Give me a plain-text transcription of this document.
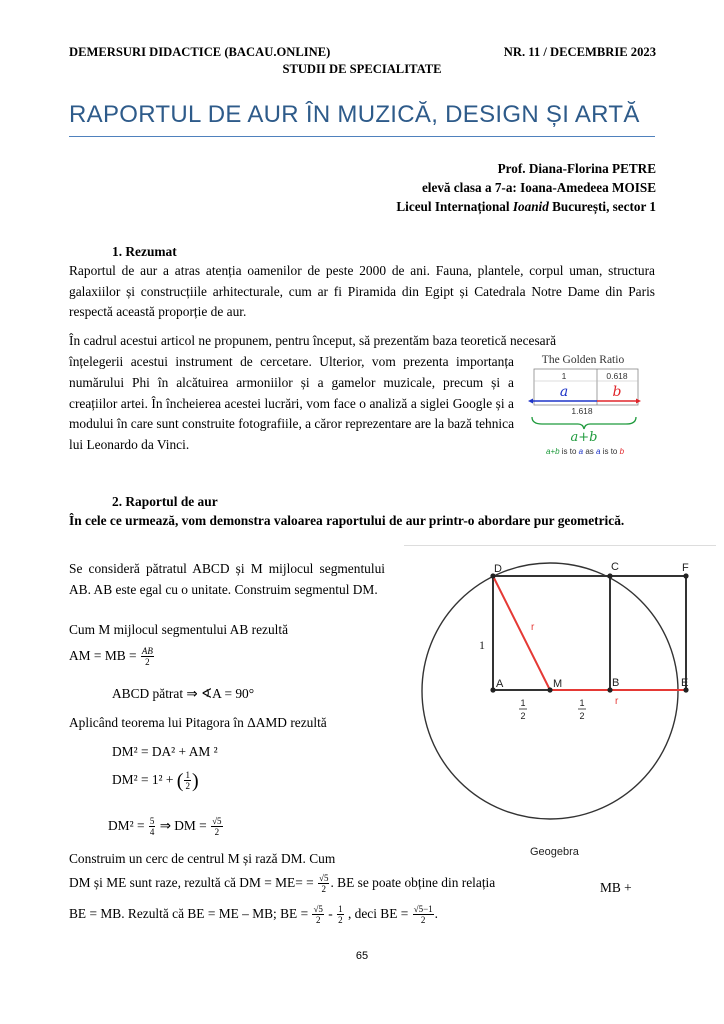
DEMERSURI DIDACTICE (BACAU.ONLINE)	NR. 11 / DECEMBRIE 2023
STUDII DE SPECIALITATE
RAPORTUL DE AUR ÎN MUZICĂ, DESIGN ȘI ARTĂ
Prof. Diana-Florina PETRE
elevă clasa a 7-a: Ioana-Amedeea MOISE
Liceul Internațional Ioanid București, sector 1
1. Rezumat
Raportul de aur a atras atenția oamenilor de peste 2000 de ani. Fauna, plantele, corpul uman, structura galaxiilor și construcțiile arhitecturale, cum ar fi Piramida din Egipt și Catedrala Notre Dame din Paris respectă această proporție de aur.
În cadrul acestui articol ne propunem, pentru început, să prezentăm baza teoretică necesară
înțelegerii acestui instrument de cercetare. Ulterior, vom prezenta importanța numărului Phi în alcătuirea armoniilor și a gamelor muzicale, precum și a creațiilor artei. În încheierea acestei lucrări, vom face o analiză a siglei Google și a modului în care sunt construite fotografiile, a căror reprezentare are la bază tehnica lui Leonardo da Vinci.
The Golden Ratio
1	0.618
a	b
1.618
a+b
a+b is to a as a is to b
2. Raportul de aur
În cele ce urmează, vom demonstra valoarea raportului de aur printr-o abordare pur geometrică.
Se consideră pătratul ABCD și M mijlocul segmentului AB. AB este egal cu o unitate. Construim segmentul DM.
Cum M mijlocul segmentului AB rezultă
AM = MB = $\frac{AB}{2}$
ABCD pătrat ⇒ ∢A = 90°
Aplicând teorema lui Pitagora în ΔAMD rezultă
DM² = DA² + AM ²
DM² = 1² + ( $\frac{1}{2}$ )
$DM^2 = \frac{5}{4}$ ⇒ DM = $\frac{√5}{2}$
Construim un cerc de centrul M și rază DM. Cum
DM și ME sunt raze, rezultă că DM = $ME= = \frac{√5}{2}$ . BE se poate obține din relația	MB +
BE = MB. Rezultă că BE = ME – MB; BE = $\frac{√5}{2} - \frac{1}{2}$ , deci BE = $\frac{√5-1}{2}$ .
D	C	F
A	M	B	E
1
r
r
1
2
1
2
Geogebra
65
